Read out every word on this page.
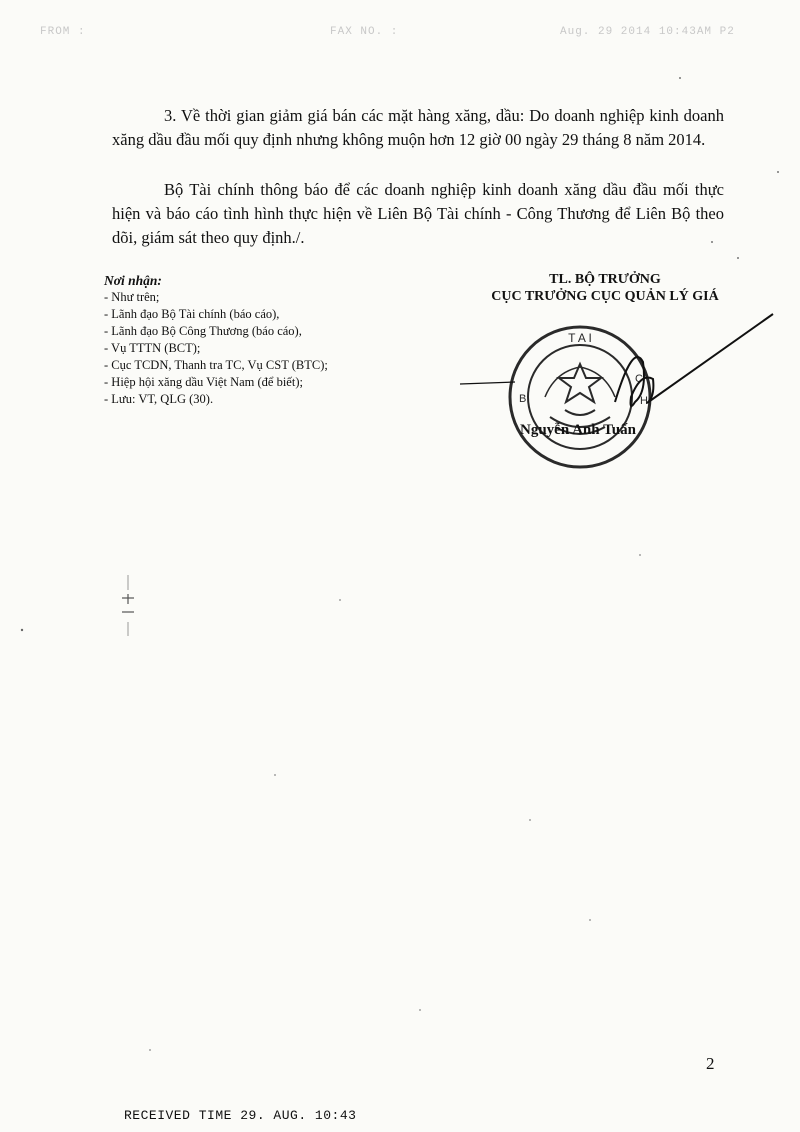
FROM :	FAX NO. :	Aug. 29 2014 10:43AM P2

3. Về thời gian giảm giá bán các mặt hàng xăng, dầu: Do doanh nghiệp kinh doanh xăng dầu đầu mối quy định nhưng không muộn hơn 12 giờ 00 ngày 29 tháng 8 năm 2014.

Bộ Tài chính thông báo để các doanh nghiệp kinh doanh xăng dầu đầu mối thực hiện và báo cáo tình hình thực hiện về Liên Bộ Tài chính - Công Thương để Liên Bộ theo dõi, giám sát theo quy định./.

Nơi nhận:
- Như trên;
- Lãnh đạo Bộ Tài chính (báo cáo),
- Lãnh đạo Bộ Công Thương (báo cáo),
- Vụ TTTN (BCT);
- Cục TCDN, Thanh tra TC, Vụ CST (BTC);
- Hiệp hội xăng dầu Việt Nam (để biết);
- Lưu: VT, QLG (30).
TL. BỘ TRƯỞNG
CỤC TRƯỞNG CỤC QUẢN LÝ GIÁ
T A I
B
C
H
Nguyễn Anh Tuấn
2
RECEIVED TIME 29. AUG. 10:43
